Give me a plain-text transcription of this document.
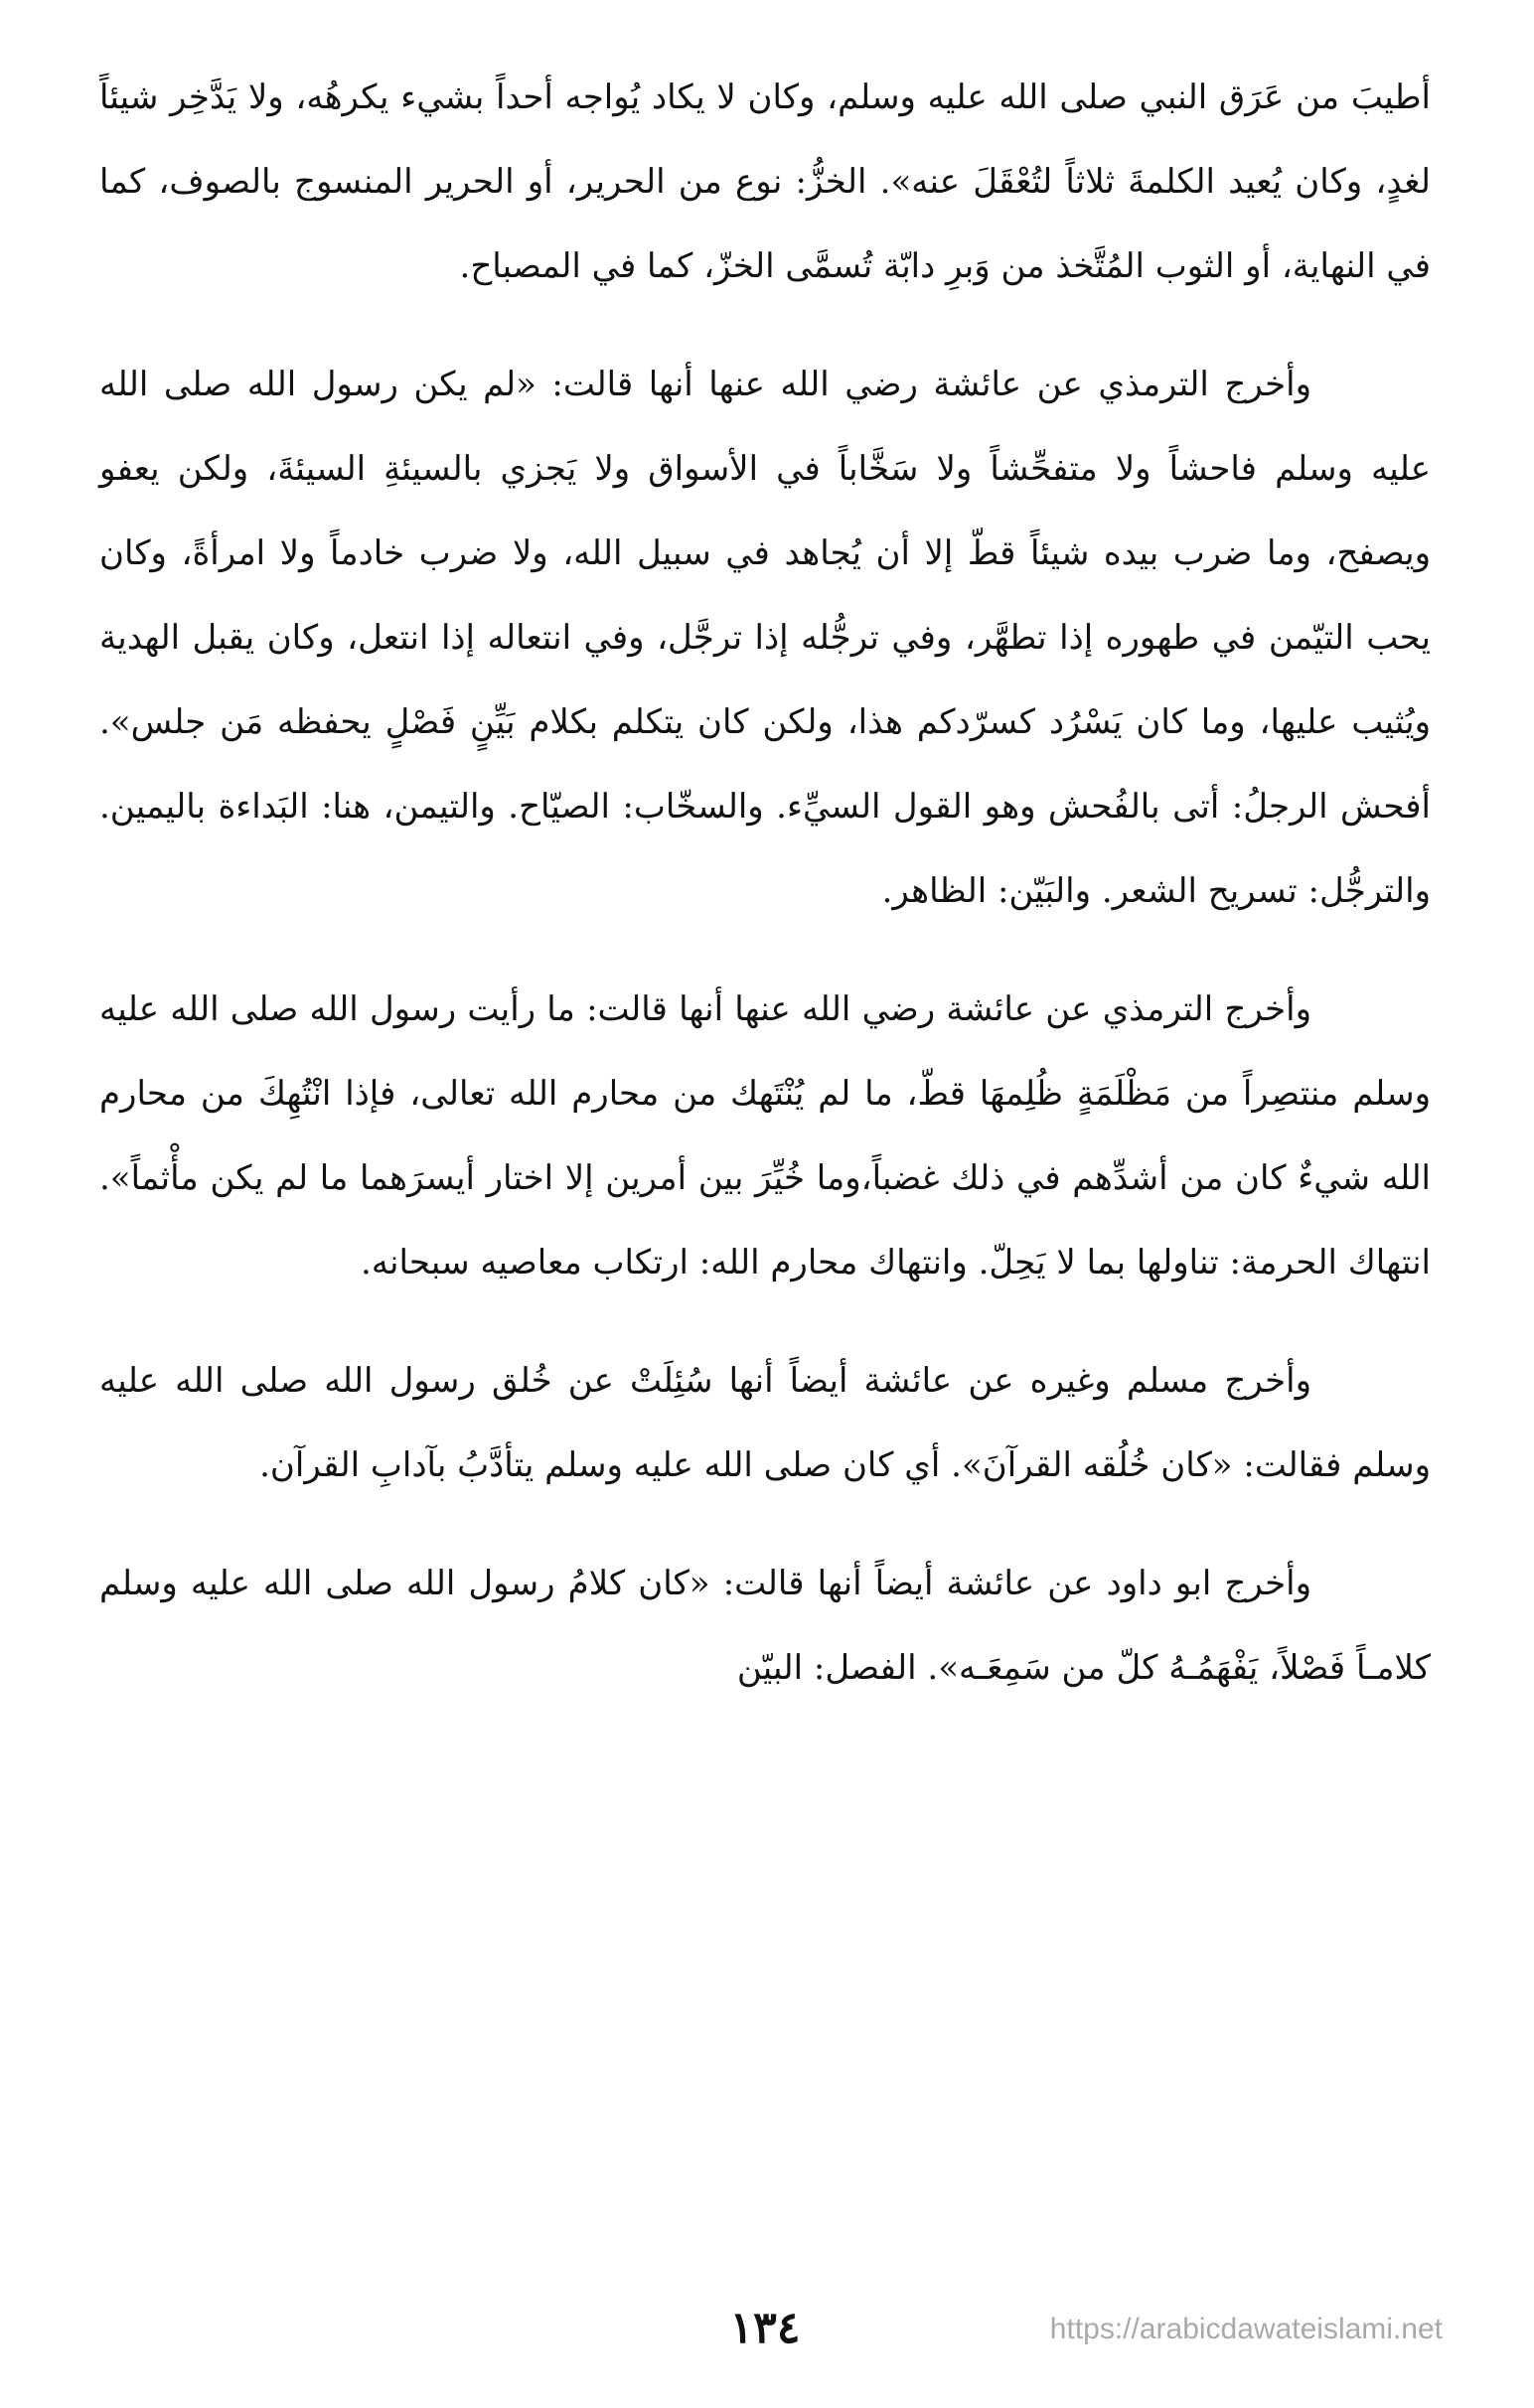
أطيبَ من عَرَق النبي صلى الله عليه وسلم، وكان لا يكاد يُواجه أحداً بشيء يكرهُه، ولا يَدَّخِر شيئاً لغدٍ، وكان يُعيد الكلمةَ ثلاثاً لتُعْقَلَ عنه». الخزُّ: نوع من الحرير، أو الحرير المنسوج بالصوف، كما في النهاية، أو الثوب المُتَّخذ من وَبرِ دابّة تُسمَّى الخزّ، كما في المصباح.

وأخرج الترمذي عن عائشة رضي الله عنها أنها قالت: «لم يكن رسول الله صلى الله عليه وسلم فاحشاً ولا متفحِّشاً ولا سَخَّاباً في الأسواق ولا يَجزي بالسيئةِ السيئةَ، ولكن يعفو ويصفح، وما ضرب بيده شيئاً قطّ إلا أن يُجاهد في سبيل الله، ولا ضرب خادماً ولا امرأةً، وكان يحب التيّمن في طهوره إذا تطهَّر، وفي ترجُّله إذا ترجَّل، وفي انتعاله إذا انتعل، وكان يقبل الهدية ويُثيب عليها، وما كان يَسْرُد كسرّدكم هذا، ولكن كان يتكلم بكلام بَيِّنٍ فَصْلٍ يحفظه مَن جلس». أفحش الرجلُ: أتى بالفُحش وهو القول السيِّء. والسخّاب: الصيّاح. والتيمن، هنا: البَداءة باليمين. والترجُّل: تسريح الشعر. والبَيّن: الظاهر.

وأخرج الترمذي عن عائشة رضي الله عنها أنها قالت: ما رأيت رسول الله صلى الله عليه وسلم منتصِراً من مَظْلَمَةٍ ظُلِمهَا قطّ، ما لم يُنْتَهك من محارم الله تعالى، فإذا انْتُهِكَ من محارم الله شيءٌ كان من أشدِّهم في ذلك غضباً،وما خُيِّرَ بين أمرين إلا اختار أيسرَهما ما لم يكن مأْثماً». انتهاك الحرمة: تناولها بما لا يَحِلّ. وانتهاك محارم الله: ارتكاب معاصيه سبحانه.

وأخرج مسلم وغيره عن عائشة أيضاً أنها سُئِلَتْ عن خُلق رسول الله صلى الله عليه وسلم فقالت: «كان خُلُقه القرآنَ». أي كان صلى الله عليه وسلم يتأدَّبُ بآدابِ القرآن.

وأخرج ابو داود عن عائشة أيضاً أنها قالت: «كان كلامُ رسول الله صلى الله عليه وسلم كلامـاً فَصْلاً، يَفْهَمُـهُ كلّ من سَمِعَـه». الفصل: البيّن

١٣٤	https://arabicdawateislami.net
